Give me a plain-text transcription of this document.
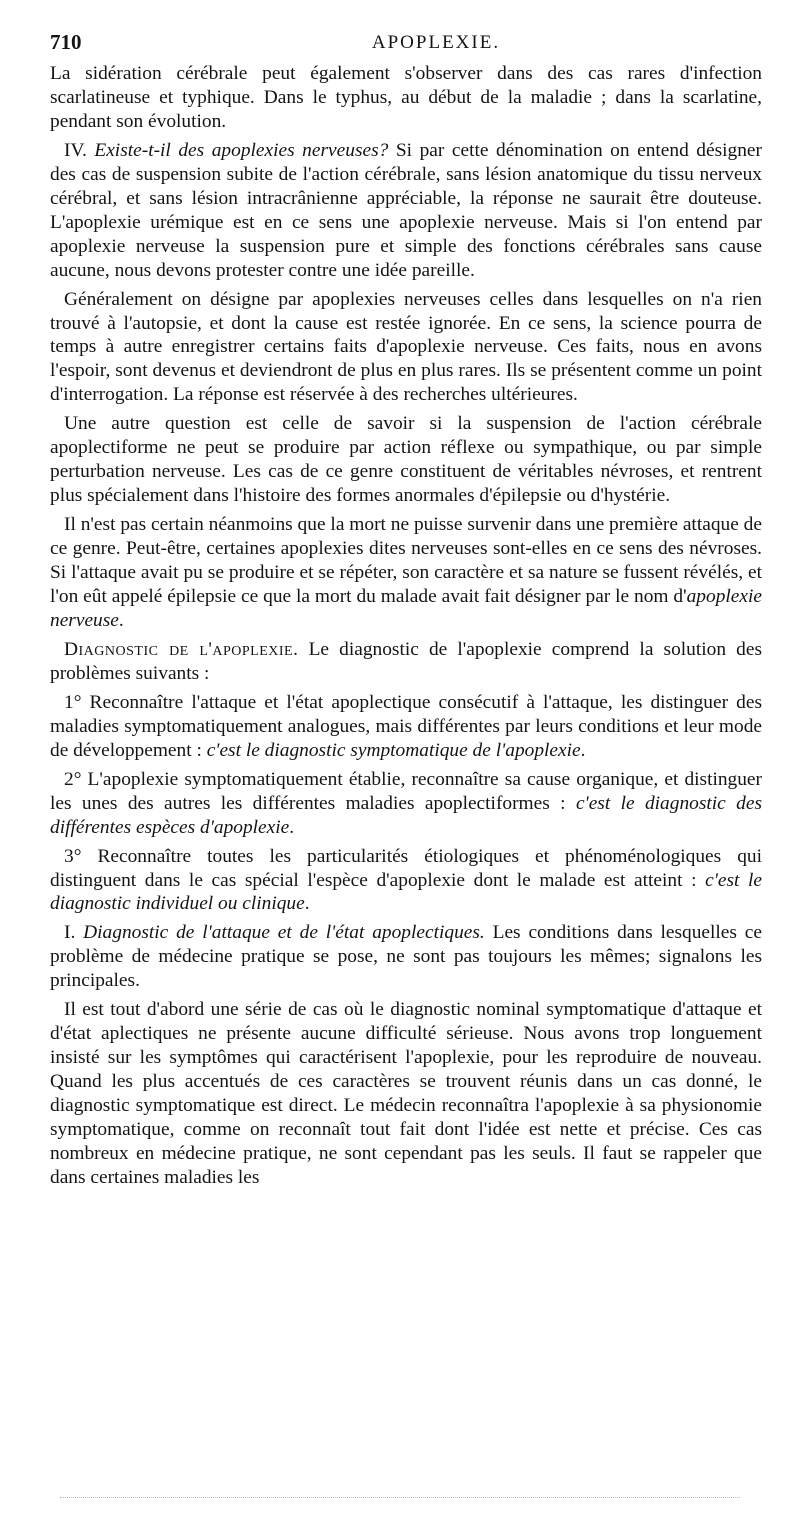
710	APOPLEXIE.

La sidération cérébrale peut également s'observer dans des cas rares d'infection scarlatineuse et typhique. Dans le typhus, au début de la maladie ; dans la scarlatine, pendant son évolution.

IV. Existe-t-il des apoplexies nerveuses? Si par cette dénomination on entend désigner des cas de suspension subite de l'action cérébrale, sans lésion anatomique du tissu nerveux cérébral, et sans lésion intracrânienne appréciable, la réponse ne saurait être douteuse. L'apoplexie urémique est en ce sens une apoplexie nerveuse. Mais si l'on entend par apoplexie nerveuse la suspension pure et simple des fonctions cérébrales sans cause aucune, nous devons protester contre une idée pareille.

Généralement on désigne par apoplexies nerveuses celles dans lesquelles on n'a rien trouvé à l'autopsie, et dont la cause est restée ignorée. En ce sens, la science pourra de temps à autre enregistrer certains faits d'apoplexie nerveuse. Ces faits, nous en avons l'espoir, sont devenus et deviendront de plus en plus rares. Ils se présentent comme un point d'interrogation. La réponse est réservée à des recherches ultérieures.

Une autre question est celle de savoir si la suspension de l'action cérébrale apoplectiforme ne peut se produire par action réflexe ou sympathique, ou par simple perturbation nerveuse. Les cas de ce genre constituent de véritables névroses, et rentrent plus spécialement dans l'histoire des formes anormales d'épilepsie ou d'hystérie.

Il n'est pas certain néanmoins que la mort ne puisse survenir dans une première attaque de ce genre. Peut-être, certaines apoplexies dites nerveuses sont-elles en ce sens des névroses. Si l'attaque avait pu se produire et se répéter, son caractère et sa nature se fussent révélés, et l'on eût appelé épilepsie ce que la mort du malade avait fait désigner par le nom d'apoplexie nerveuse.

Diagnostic de l'apoplexie. Le diagnostic de l'apoplexie comprend la solution des problèmes suivants :

1° Reconnaître l'attaque et l'état apoplectique consécutif à l'attaque, les distinguer des maladies symptomatiquement analogues, mais différentes par leurs conditions et leur mode de développement : c'est le diagnostic symptomatique de l'apoplexie.

2° L'apoplexie symptomatiquement établie, reconnaître sa cause organique, et distinguer les unes des autres les différentes maladies apoplectiformes : c'est le diagnostic des différentes espèces d'apoplexie.

3° Reconnaître toutes les particularités étiologiques et phénoménologiques qui distinguent dans le cas spécial l'espèce d'apoplexie dont le malade est atteint : c'est le diagnostic individuel ou clinique.

I. Diagnostic de l'attaque et de l'état apoplectiques. Les conditions dans lesquelles ce problème de médecine pratique se pose, ne sont pas toujours les mêmes; signalons les principales.

Il est tout d'abord une série de cas où le diagnostic nominal symptomatique d'attaque et d'état aplectiques ne présente aucune difficulté sérieuse. Nous avons trop longuement insisté sur les symptômes qui caractérisent l'apoplexie, pour les reproduire de nouveau. Quand les plus accentués de ces caractères se trouvent réunis dans un cas donné, le diagnostic symptomatique est direct. Le médecin reconnaîtra l'apoplexie à sa physionomie symptomatique, comme on reconnaît tout fait dont l'idée est nette et précise. Ces cas nombreux en médecine pratique, ne sont cependant pas les seuls. Il faut se rappeler que dans certaines maladies les
